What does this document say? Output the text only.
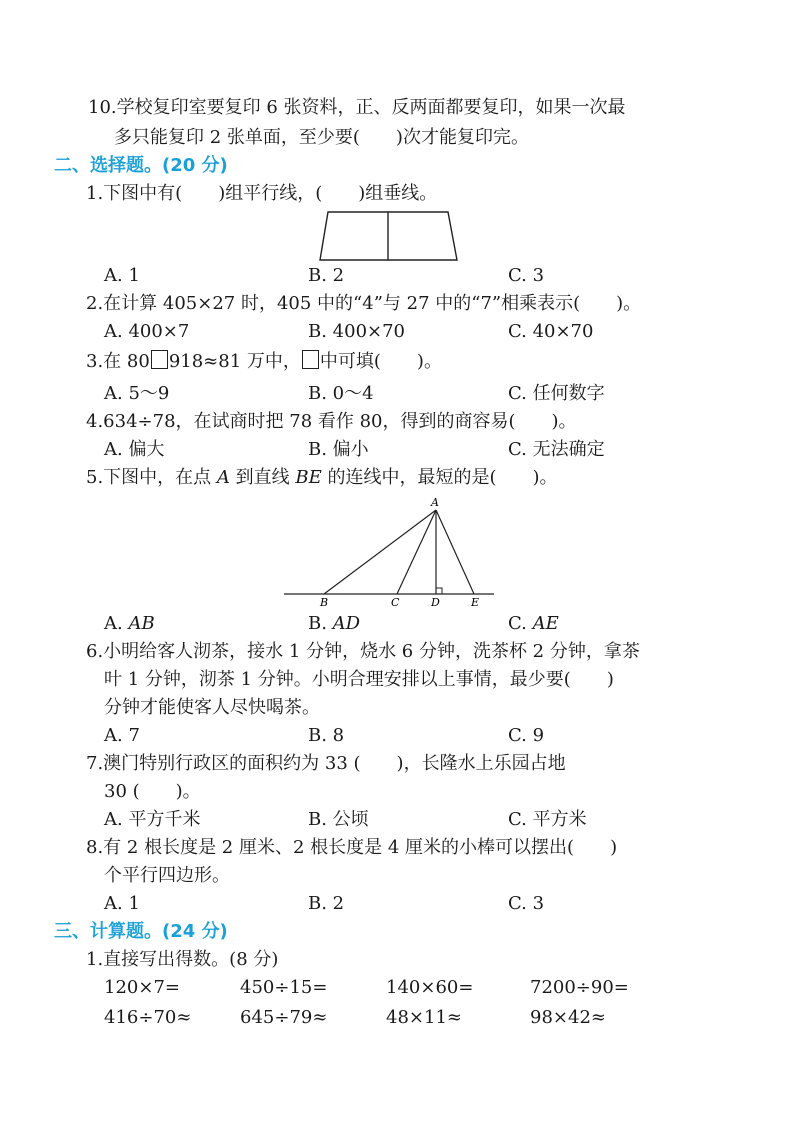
10.学校复印室要复印 6 张资料，正、反两面都要复印，如果一次最
多只能复印 2 张单面，至少要( )次才能复印完。
二、选择题。(20 分)
1.下图中有( )组平行线，( )组垂线。
A. 1	B. 2	C. 3
2.在计算 405×27 时，405 中的“4”与 27 中的“7”相乘表示( )。
A. 400×7	B. 400×70	C. 40×70
3.在 80 918≈81 万中， 中可填( )。
A. 5～9	B. 0～4	C. 任何数字
4.634÷78，在试商时把 78 看作 80，得到的商容易( )。
A. 偏大	B. 偏小	C. 无法确定
5.下图中，在点 A 到直线 BE 的连线中，最短的是( )。
A
B	C	D	E
A. AB	B. AD	C. AE
6.小明给客人沏茶，接水 1 分钟，烧水 6 分钟，洗茶杯 2 分钟，拿茶
叶 1 分钟，沏茶 1 分钟。小明合理安排以上事情，最少要( )
分钟才能使客人尽快喝茶。
A. 7	B. 8	C. 9
7.澳门特别行政区的面积约为 33 ( )，长隆水上乐园占地
30 ( )。
A. 平方千米	B. 公顷	C. 平方米
8.有 2 根长度是 2 厘米、2 根长度是 4 厘米的小棒可以摆出( )
个平行四边形。
A. 1	B. 2	C. 3
三、计算题。(24 分)
1.直接写出得数。(8 分)
120×7=	450÷15=	140×60=	7200÷90=
416÷70≈	645÷79≈	48×11≈	98×42≈
